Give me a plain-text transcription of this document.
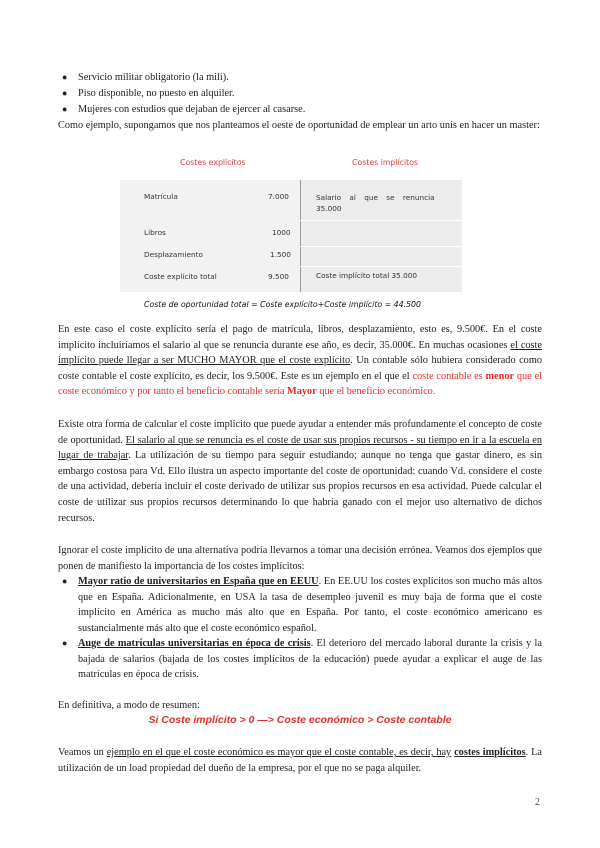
● Servicio militar obligatorio (la mili).
● Piso disponible, no puesto en alquiler.
● Mujeres con estudios que dejaban de ejercer al casarse.

Como ejemplo, supongamos que nos planteamos el oeste de oportunidad de emplear un arto unís en hacer un master:

En este caso el coste explícito sería el pago de matrícula, libros, desplazamiento, esto es, 9.500€. En el coste implícito incluiríamos el salario al que se renuncia durante ese año, es decir, 35.000€. En muchas ocasiones el coste implícito puede llegar a ser MUCHO MAYOR que el coste explícito. Un contable sólo hubiera considerado como coste contable el coste explícito, es decir, los 9.500€. Este es un ejemplo en el que el coste contable es menor que el coste económico y por tanto el beneficio contable sería Mayor que el beneficio económico.

Existe otra forma de calcular el coste implícito que puede ayudar a entender más profundamente el concepto de coste de oportunidad. El salario al que se renuncia es el coste de usar sus propios recursos - su tiempo en ir a la escuela en lugar de trabajar. La utilización de su tiempo para seguir estudiando; aunque no tenga que gastar dinero, es sin embargo costosa para Vd. Ello ilustra un aspecto importante del coste de oportunidad: cuando Vd. considere el coste de una actividad, debería incluir el coste derivado de utilizar sus propios recursos en esa actividad. Puede calcular el coste de utilizar sus propios recursos determinando lo que habría ganado con el mejor uso alternativo de dichos recursos.

Ignorar el coste implícito de una alternativa podría llevarnos a tomar una decisión errónea. Veamos dos ejemplos que ponen de manifiesto la importancia de los costes implícitos:

● Mayor ratio de universitarios en España que en EEUU. En EE.UU los costes explícitos son mucho más altos que en España. Adicionalmente, en USA la tasa de desempleo juvenil es muy baja de forma que el coste implícito en América as mucho más alto que en España. Por tanto, el coste económico americano es sustancialmente más alto que el coste económico español.
● Auge de matrículas universitarias en época de crisis. El deterioro del mercado laboral durante la crisis y la bajada de salarios (bajada de los costes implícitos de la educación) puede ayudar a explicar el auge de las matrículas en época de crisis.

En definitiva, a modo de resumen:

Si Coste implícito > 0 —> Coste económico > Coste contable

Veamos un ejemplo en el que el coste económico es mayor que el coste contable, es decir, hay costes implícitos. La utilización de un load propiedad del dueño de la empresa, por el que no se paga alquiler.

Costes explícitos	Costes implícitos
Matrícula	7.000	Salario al que se renuncia 35.000
Libros	1000
Desplazamiento	1.500
Coste explícito total	9.500	Coste implícito total 35.000
Coste de oportunidad total = Coste explícito+Coste implícito = 44.500
2
